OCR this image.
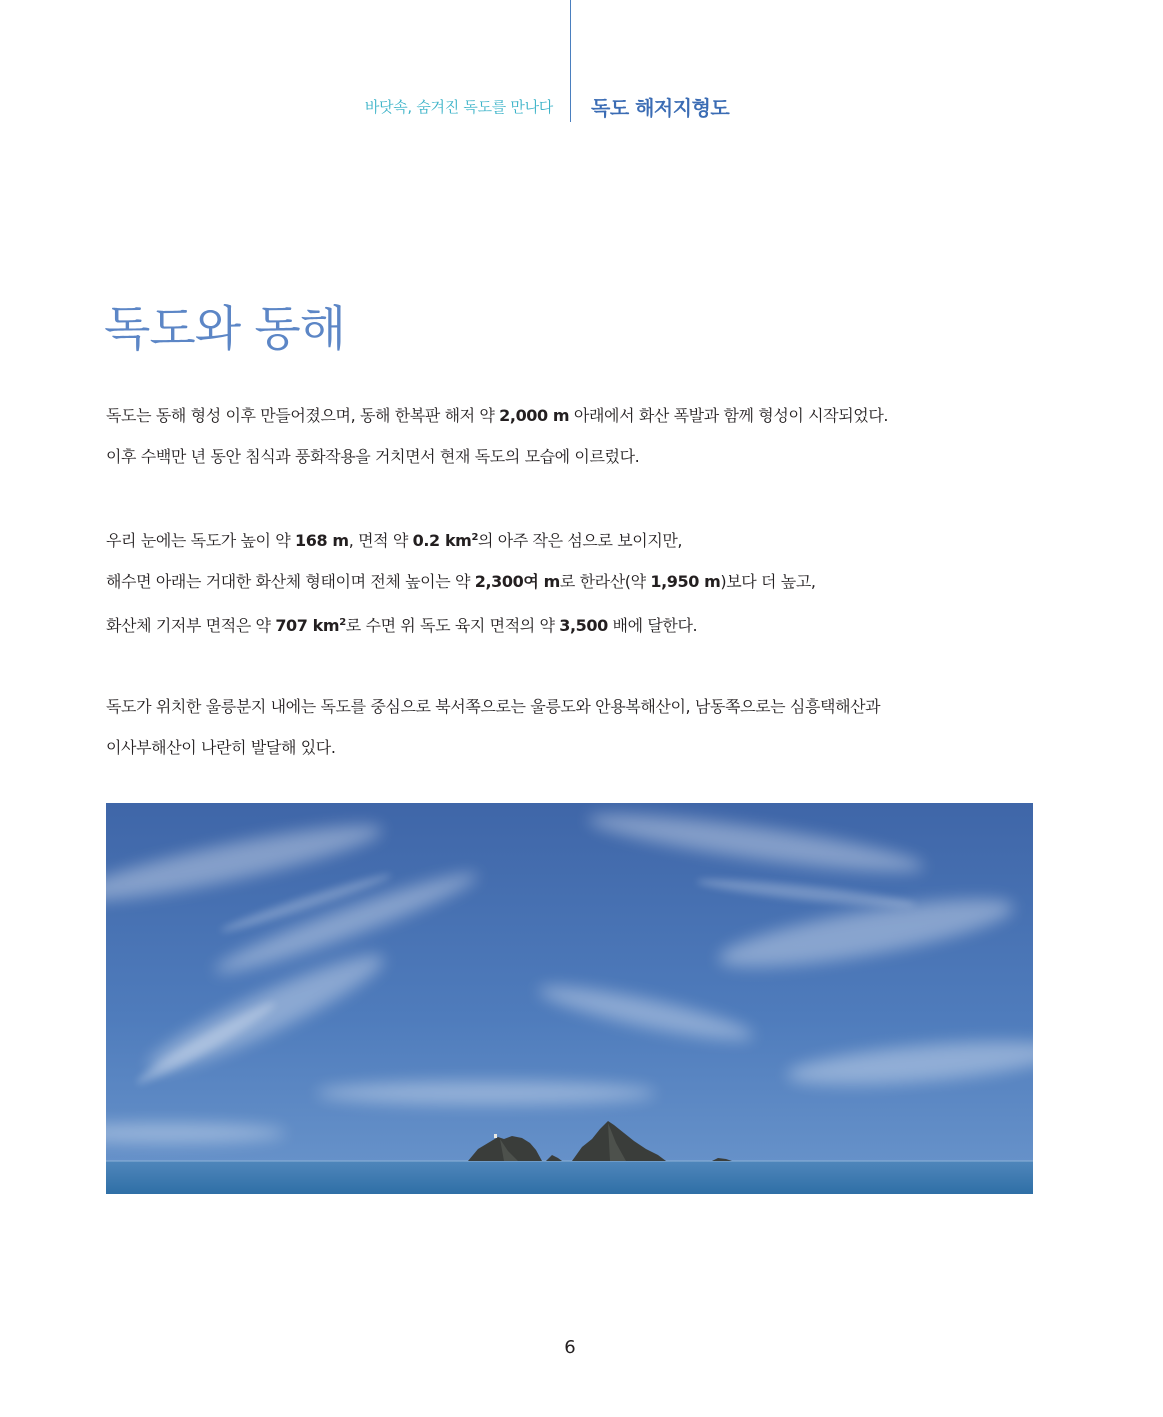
바닷속, 숨겨진 독도를 만나다 독도 해저지형도
독도와 동해
독도는 동해 형성 이후 만들어졌으며, 동해 한복판 해저 약 2,000 m 아래에서 화산 폭발과 함께 형성이 시작되었다.
이후 수백만 년 동안 침식과 풍화작용을 거치면서 현재 독도의 모습에 이르렀다.
우리 눈에는 독도가 높이 약 168 m, 면적 약 0.2 $km^2$의 아주 작은 섬으로 보이지만,
해수면 아래는 거대한 화산체 형태이며 전체 높이는 약 2,300여 m로 한라산(약 1,950 m)보다 더 높고,
화산체 기저부 면적은 약 707 $km^2$로 수면 위 독도 육지 면적의 약 3,500 배에 달한다.
독도가 위치한 울릉분지 내에는 독도를 중심으로 북서쪽으로는 울릉도와 안용복해산이, 남동쪽으로는 심흥택해산과
이사부해산이 나란히 발달해 있다.
6
